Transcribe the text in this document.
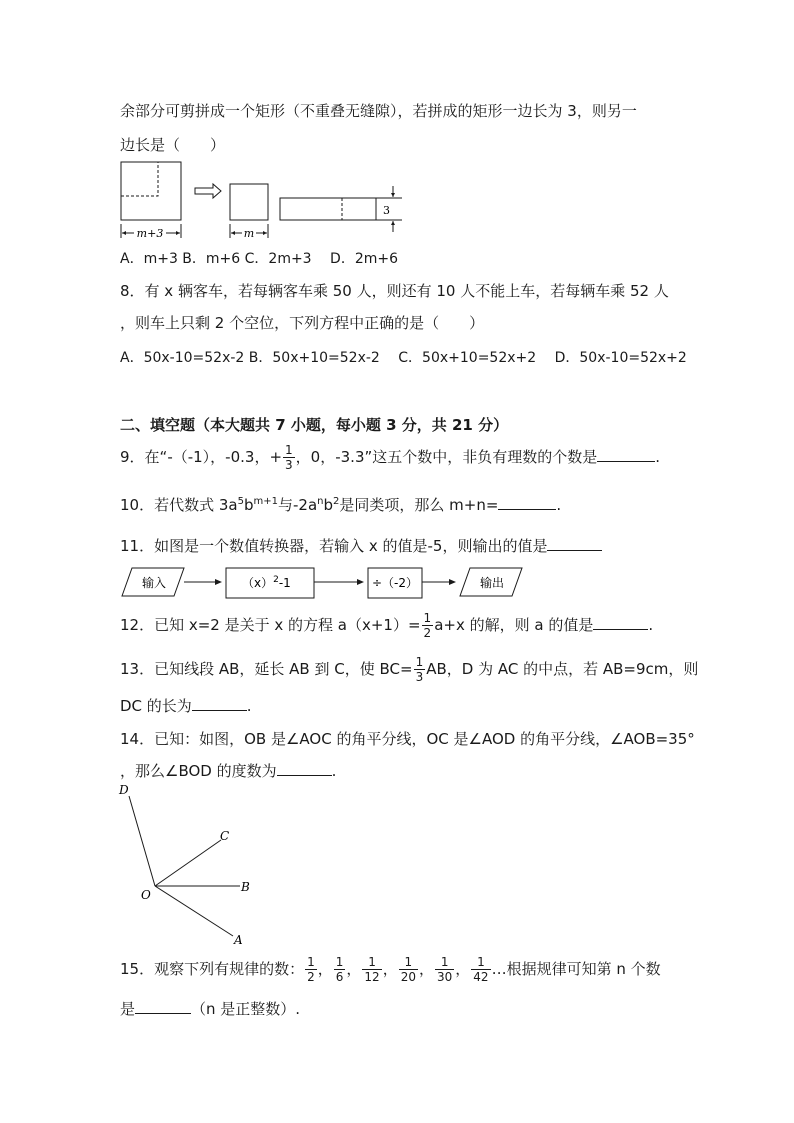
余部分可剪拼成一个矩形（不重叠无缝隙），若拼成的矩形一边长为 3，则另一
边长是（　　）
m+3	m
3
A．m+3 B．m+6 C．2m+3　 D．2m+6
8．有 x 辆客车，若每辆客车乘 50 人，则还有 10 人不能上车，若每辆车乘 52 人
，则车上只剩 2 个空位，下列方程中正确的是（　　）
A．50x-10=52x-2 B．50x+10=52x-2　 C．50x+10=52x+2　 D．50x-10=52x+2
二、填空题（本大题共 7 小题，每小题 3 分，共 21 分）
9．在“-（-1），-0.3，+ $\frac{1}{3}$ ，0，-3.3”这五个数中，非负有理数的个数是	.
10．若代数式 $3a^5b^{m+1}$与$-2a^nb^2$是同类项，那么 m+n=	.
11．如图是一个数值转换器，若输入 x 的值是-5，则输出的值是
输入	$(x)^2-1$	÷（-2）	输出
12．已知 x=2 是关于 x 的方程 $a(x+1)= \frac{1}{2} a+x$ 的解，则 a 的值是	.
13．已知线段 AB，延长 AB 到 C，使 $BC= \frac{1}{3}$ AB，D 为 AC 的中点，若 AB=9cm，则
DC 的长为	.
14．已知：如图，OB 是∠AOC 的角平分线，OC 是∠AOD 的角平分线，∠AOB=35°
，那么∠BOD 的度数为	.
D
C
O
B
A
15．观察下列有规律的数： $\frac{1}{2}$ ， $\frac{1}{6}$ ， $\frac{1}{12}$ ， $\frac{1}{20}$ ， $\frac{1}{30}$ ， $\frac{1}{42}$ …根据规律可知第 n 个数
是	（n 是正整数）.
